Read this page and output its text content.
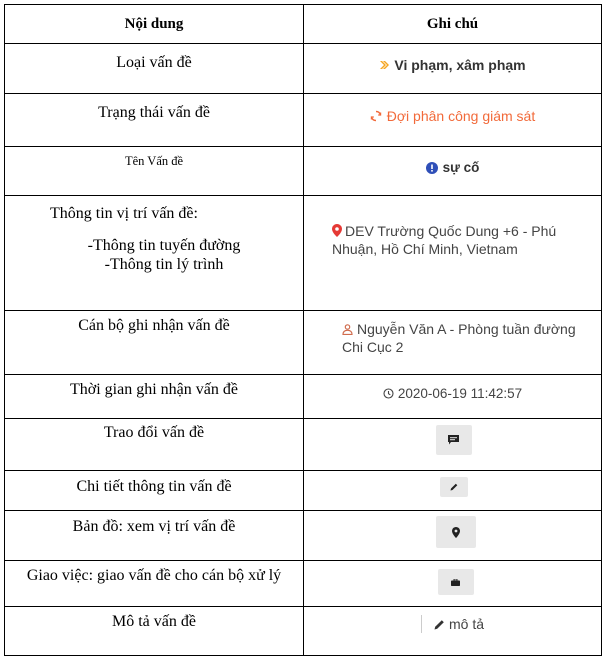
Nội dung	Ghi chú

Loại vấn đề	Vi phạm, xâm phạm

Trạng thái vấn đề	Đợi phân công giám sát

Tên Vấn đề	sự cố

Thông tin vị trí vấn đề:
-Thông tin tuyến đường
-Thông tin lý trình	DEV Trường Quốc Dung +6 - Phú Nhuận, Hồ Chí Minh, Vietnam

Cán bộ ghi nhận vấn đề	Nguyễn Văn A - Phòng tuần đường Chi Cục 2

Thời gian ghi nhận vấn đề	2020-06-19 11:42:57

Trao đổi vấn đề

Chi tiết thông tin vấn đề

Bản đồ: xem vị trí vấn đề

Giao việc: giao vấn đề cho cán bộ xử lý

Mô tả vấn đề	mô tả
